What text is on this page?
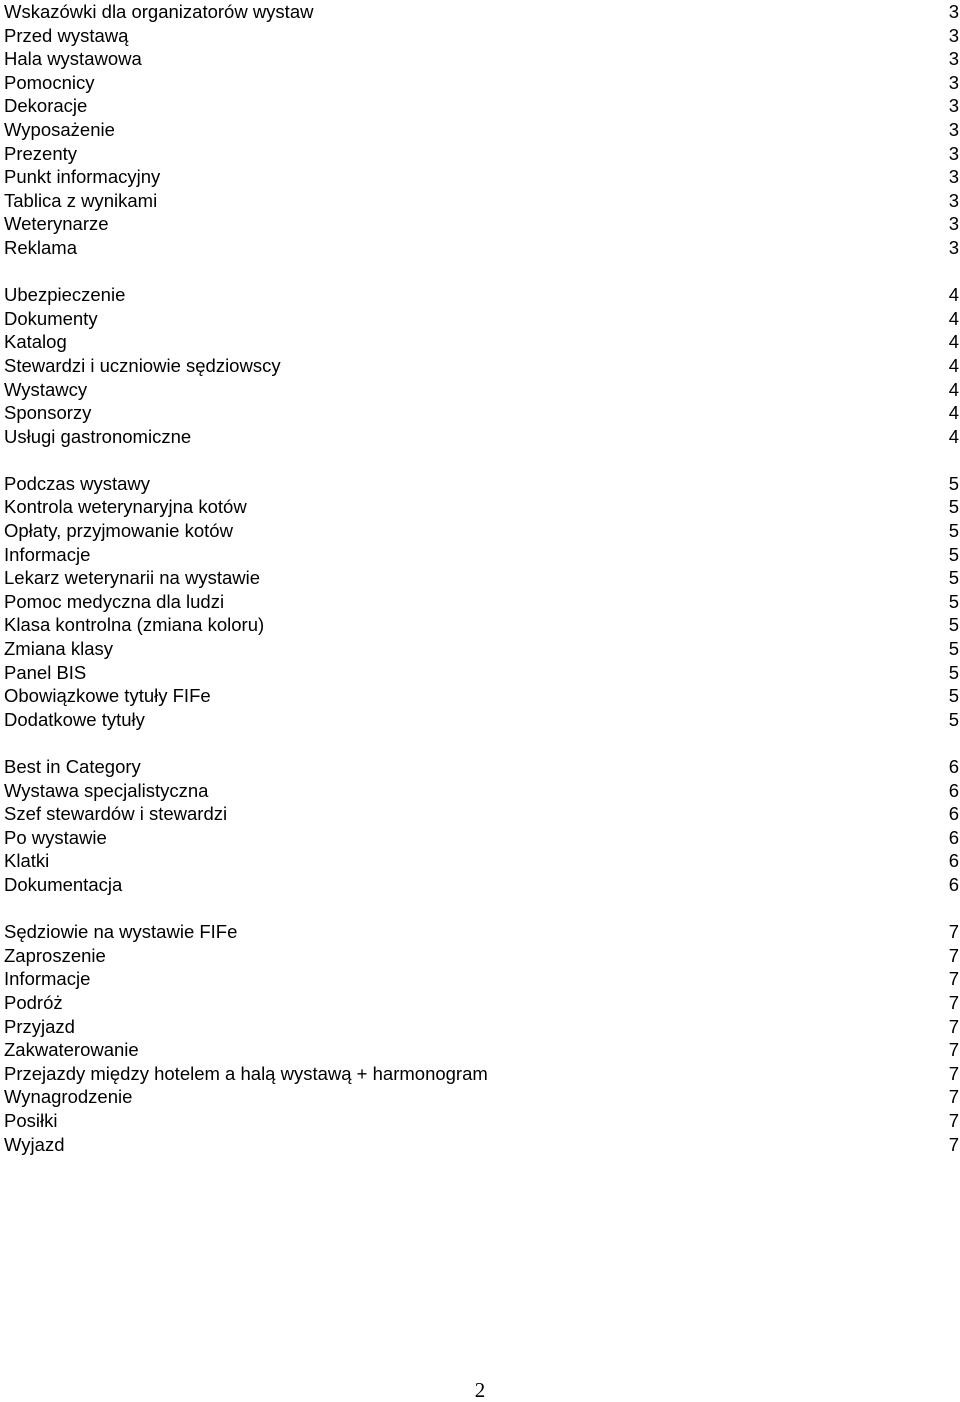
Wskazówki dla organizatorów wystaw	3
Przed wystawą	3
Hala wystawowa	3
Pomocnicy	3
Dekoracje	3
Wyposażenie	3
Prezenty	3
Punkt informacyjny	3
Tablica z wynikami	3
Weterynarze	3
Reklama	3
Ubezpieczenie	4
Dokumenty	4
Katalog	4
Stewardzi i uczniowie sędziowscy	4
Wystawcy	4
Sponsorzy	4
Usługi gastronomiczne	4
Podczas wystawy	5
Kontrola weterynaryjna kotów	5
Opłaty, przyjmowanie kotów	5
Informacje	5
Lekarz weterynarii na wystawie	5
Pomoc medyczna dla ludzi	5
Klasa kontrolna (zmiana koloru)	5
Zmiana klasy	5
Panel BIS	5
Obowiązkowe tytuły FIFe	5
Dodatkowe tytuły	5
Best in Category	6
Wystawa specjalistyczna	6
Szef stewardów i stewardzi	6
Po wystawie	6
Klatki	6
Dokumentacja	6
Sędziowie na wystawie FIFe	7
Zaproszenie	7
Informacje	7
Podróż	7
Przyjazd	7
Zakwaterowanie	7
Przejazdy między hotelem a halą wystawą + harmonogram	7
Wynagrodzenie	7
Posiłki	7
Wyjazd	7
2
